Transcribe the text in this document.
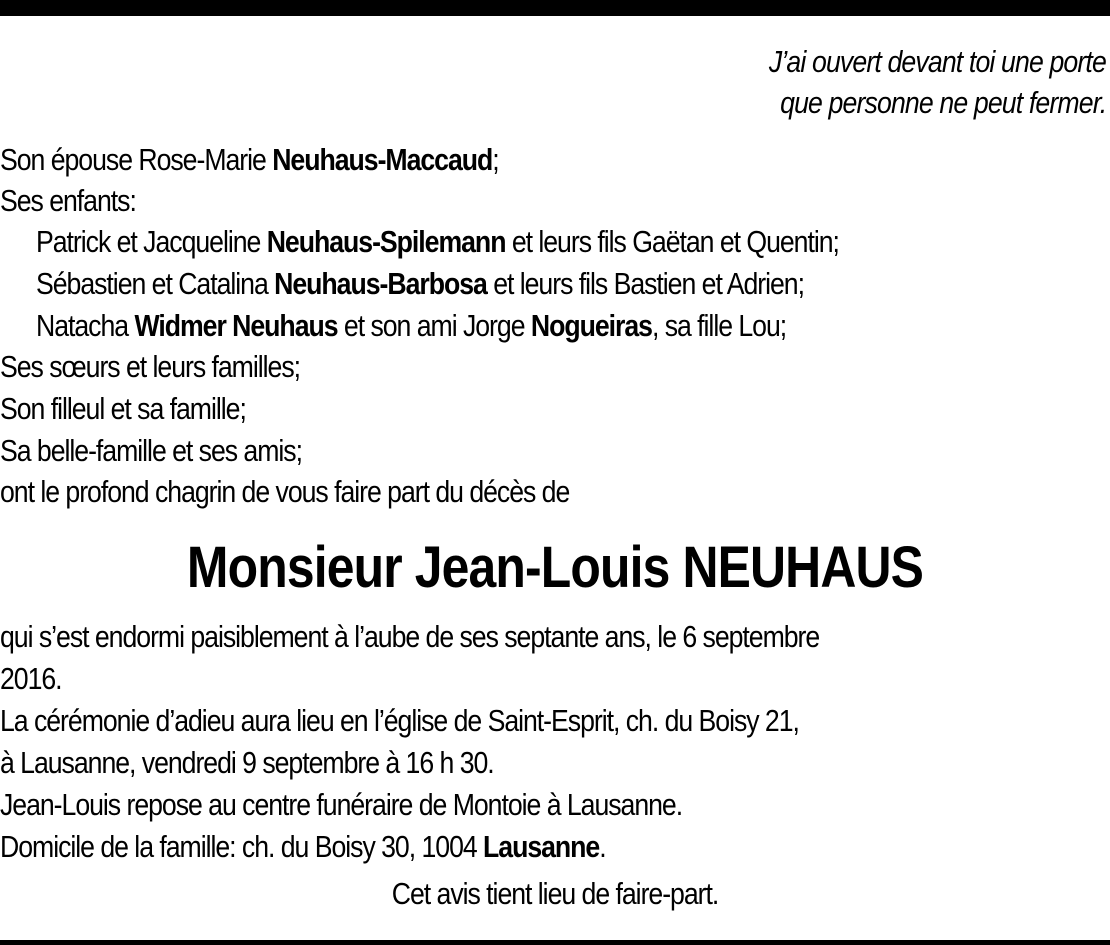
J’ai ouvert devant toi une porte
que personne ne peut fermer.
Son épouse Rose-Marie Neuhaus-Maccaud;
Ses enfants:
Patrick et Jacqueline Neuhaus-Spilemann et leurs fils Gaëtan et Quentin;
Sébastien et Catalina Neuhaus-Barbosa et leurs fils Bastien et Adrien;
Natacha Widmer Neuhaus et son ami Jorge Nogueiras, sa fille Lou;
Ses sœurs et leurs familles;
Son filleul et sa famille;
Sa belle-famille et ses amis;
ont le profond chagrin de vous faire part du décès de
Monsieur Jean-Louis NEUHAUS
qui s’est endormi paisiblement à l’aube de ses septante ans, le 6 septembre
2016.
La cérémonie d’adieu aura lieu en l’église de Saint-Esprit, ch. du Boisy 21,
à Lausanne, vendredi 9 septembre à 16 h 30.
Jean-Louis repose au centre funéraire de Montoie à Lausanne.
Domicile de la famille: ch. du Boisy 30, 1004 Lausanne.
Cet avis tient lieu de faire-part.
